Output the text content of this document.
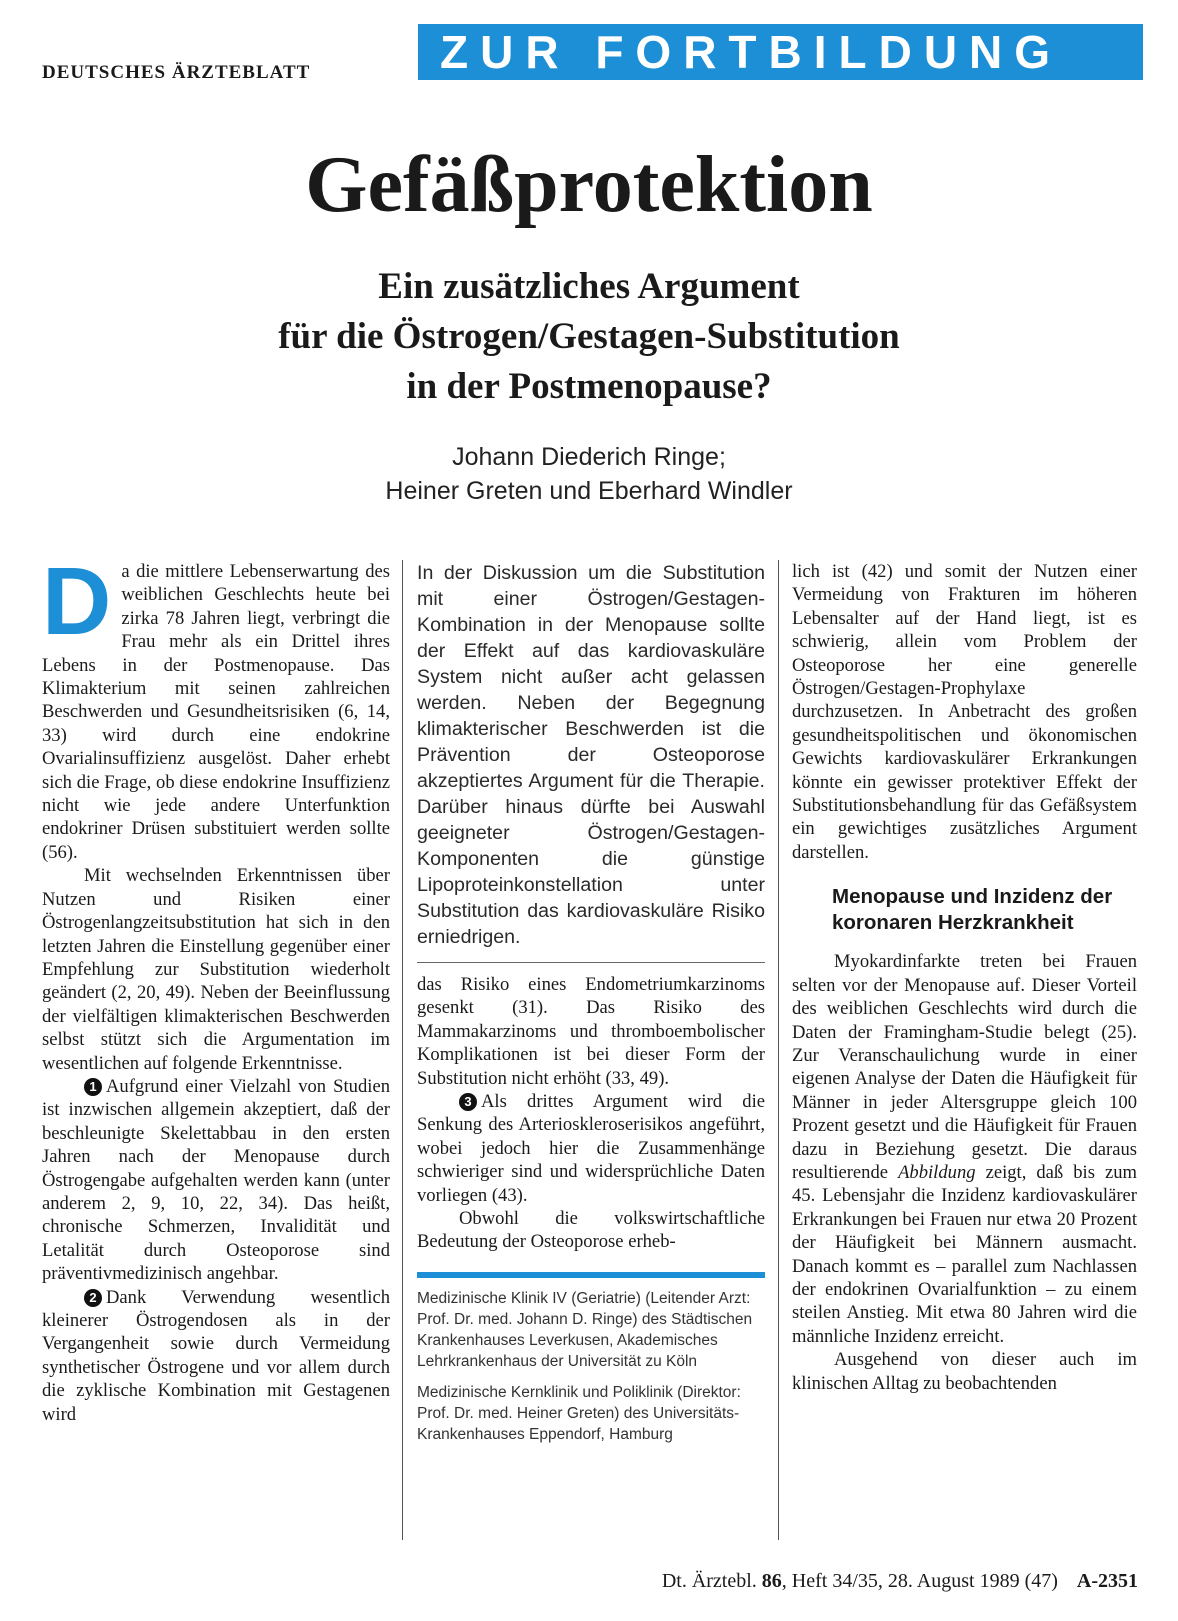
DEUTSCHES ÄRZTEBLATT	ZUR FORTBILDUNG
Gefäßprotektion
Ein zusätzliches Argument
für die Östrogen/Gestagen-Substitution
in der Postmenopause?
Johann Diederich Ringe;
Heiner Greten und Eberhard Windler

Da die mittlere Lebenserwartung des weiblichen Geschlechts heute bei zirka 78 Jahren liegt, verbringt die Frau mehr als ein Drittel ihres Lebens in der Postmenopause. Das Klimakterium mit seinen zahlreichen Beschwerden und Gesundheitsrisiken (6, 14, 33) wird durch eine endokrine Ovarialinsuffizienz ausgelöst. Daher erhebt sich die Frage, ob diese endokrine Insuffizienz nicht wie jede andere Unterfunktion endokriner Drüsen substituiert werden sollte (56).

Mit wechselnden Erkenntnissen über Nutzen und Risiken einer Östrogenlangzeitsubstitution hat sich in den letzten Jahren die Einstellung gegenüber einer Empfehlung zur Substitution wiederholt geändert (2, 20, 49). Neben der Beeinflussung der vielfältigen klimakterischen Beschwerden selbst stützt sich die Argumentation im wesentlichen auf folgende Erkenntnisse.

1 Aufgrund einer Vielzahl von Studien ist inzwischen allgemein akzeptiert, daß der beschleunigte Skelettabbau in den ersten Jahren nach der Menopause durch Östrogengabe aufgehalten werden kann (unter anderem 2, 9, 10, 22, 34). Das heißt, chronische Schmerzen, Invalidität und Letalität durch Osteoporose sind präventivmedizinisch angehbar.

2 Dank Verwendung wesentlich kleinerer Östrogendosen als in der Vergangenheit sowie durch Vermeidung synthetischer Östrogene und vor allem durch die zyklische Kombination mit Gestagenen wird

In der Diskussion um die Substitution mit einer Östrogen/Gestagen-Kombination in der Menopause sollte der Effekt auf das kardiovaskuläre System nicht außer acht gelassen werden. Neben der Begegnung klimakterischer Beschwerden ist die Prävention der Osteoporose akzeptiertes Argument für die Therapie. Darüber hinaus dürfte bei Auswahl geeigneter Östrogen/Gestagen-Komponenten die günstige Lipoproteinkonstellation unter Substitution das kardiovaskuläre Risiko erniedrigen.

das Risiko eines Endometriumkarzinoms gesenkt (31). Das Risiko des Mammakarzinoms und thromboembolischer Komplikationen ist bei dieser Form der Substitution nicht erhöht (33, 49).

3 Als drittes Argument wird die Senkung des Arterioskleroserisikos angeführt, wobei jedoch hier die Zusammenhänge schwieriger sind und widersprüchliche Daten vorliegen (43).

Obwohl die volkswirtschaftliche Bedeutung der Osteoporose erheb-

Medizinische Klinik IV (Geriatrie) (Leitender Arzt: Prof. Dr. med. Johann D. Ringe) des Städtischen Krankenhauses Leverkusen, Akademisches Lehrkrankenhaus der Universität zu Köln

Medizinische Kernklinik und Poliklinik (Direktor: Prof. Dr. med. Heiner Greten) des Universitäts-Krankenhauses Eppendorf, Hamburg

lich ist (42) und somit der Nutzen einer Vermeidung von Frakturen im höheren Lebensalter auf der Hand liegt, ist es schwierig, allein vom Problem der Osteoporose her eine generelle Östrogen/Gestagen-Prophylaxe durchzusetzen. In Anbetracht des großen gesundheitspolitischen und ökonomischen Gewichts kardiovaskulärer Erkrankungen könnte ein gewisser protektiver Effekt der Substitutionsbehandlung für das Gefäßsystem ein gewichtiges zusätzliches Argument darstellen.

Menopause und Inzidenz der koronaren Herzkrankheit

Myokardinfarkte treten bei Frauen selten vor der Menopause auf. Dieser Vorteil des weiblichen Geschlechts wird durch die Daten der Framingham-Studie belegt (25). Zur Veranschaulichung wurde in einer eigenen Analyse der Daten die Häufigkeit für Männer in jeder Altersgruppe gleich 100 Prozent gesetzt und die Häufigkeit für Frauen dazu in Beziehung gesetzt. Die daraus resultierende Abbildung zeigt, daß bis zum 45. Lebensjahr die Inzidenz kardiovaskulärer Erkrankungen bei Frauen nur etwa 20 Prozent der Häufigkeit bei Männern ausmacht. Danach kommt es – parallel zum Nachlassen der endokrinen Ovarialfunktion – zu einem steilen Anstieg. Mit etwa 80 Jahren wird die männliche Inzidenz erreicht.

Ausgehend von dieser auch im klinischen Alltag zu beobachtenden

Dt. Ärztebl. 86, Heft 34/35, 28. August 1989 (47) A-2351
